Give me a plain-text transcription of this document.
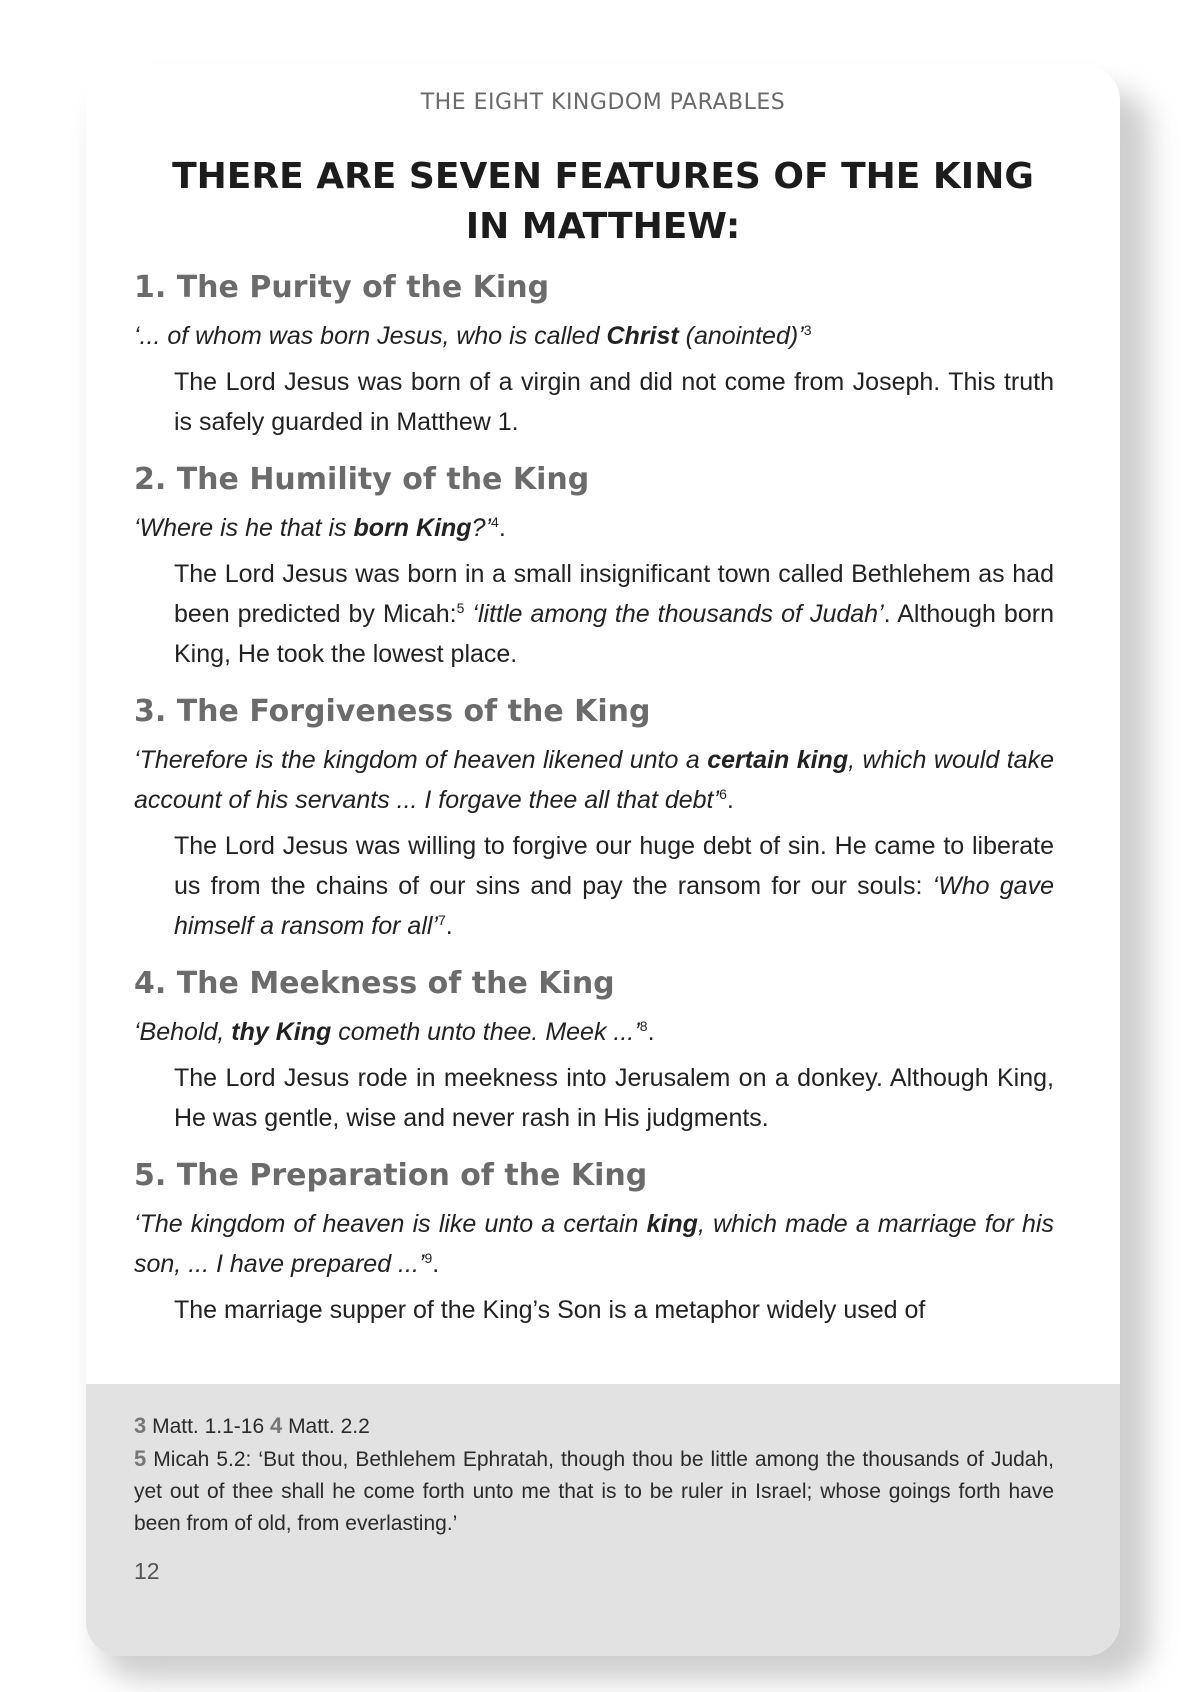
THE EIGHT KINGDOM PARABLES
THERE ARE SEVEN FEATURES OF THE KING IN MATTHEW:
1. The Purity of the King

‘... of whom was born Jesus, who is called Christ (anointed)’$^3$

The Lord Jesus was born of a virgin and did not come from Joseph. This truth is safely guarded in Matthew 1.

2. The Humility of the King

‘Where is he that is born King?’$^4$.

The Lord Jesus was born in a small insignificant town called Bethlehem as had been predicted by Micah:$^5$ ‘little among the thousands of Judah’. Although born King, He took the lowest place.

3. The Forgiveness of the King

‘Therefore is the kingdom of heaven likened unto a certain king, which would take account of his servants ... I forgave thee all that debt’$^6$.

The Lord Jesus was willing to forgive our huge debt of sin. He came to liberate us from the chains of our sins and pay the ransom for our souls: ‘Who gave himself a ransom for all’$^7$.

4. The Meekness of the King

‘Behold, thy King cometh unto thee. Meek ...’$^8$.

The Lord Jesus rode in meekness into Jerusalem on a donkey. Although King, He was gentle, wise and never rash in His judgments.

5. The Preparation of the King

‘The kingdom of heaven is like unto a certain king, which made a marriage for his son, ... I have prepared ...’$^9$.

The marriage supper of the King’s Son is a metaphor widely used of

3 Matt. 1.1-16 4 Matt. 2.2
5 Micah 5.2: ‘But thou, Bethlehem Ephratah, though thou be little among the thousands of Judah, yet out of thee shall he come forth unto me that is to be ruler in Israel; whose goings forth have been from of old, from everlasting.’
12
